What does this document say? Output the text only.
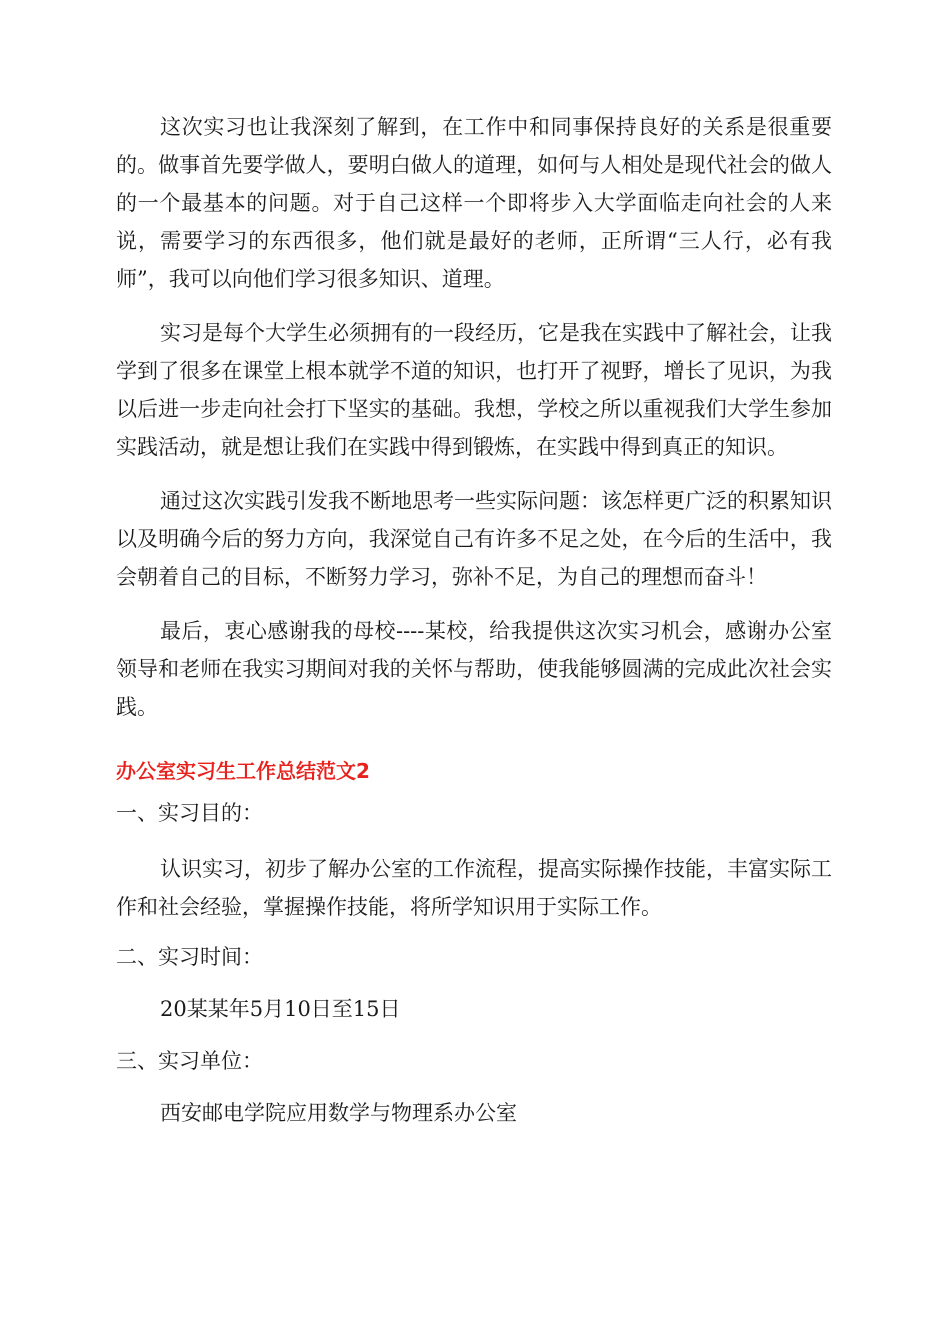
这次实习也让我深刻了解到，在工作中和同事保持良好的关系是很重要的。做事首先要学做人，要明白做人的道理，如何与人相处是现代社会的做人的一个最基本的问题。对于自己这样一个即将步入大学面临走向社会的人来说，需要学习的东西很多，他们就是最好的老师，正所谓“三人行，必有我师”，我可以向他们学习很多知识、道理。

实习是每个大学生必须拥有的一段经历，它是我在实践中了解社会，让我学到了很多在课堂上根本就学不道的知识，也打开了视野，增长了见识，为我以后进一步走向社会打下坚实的基础。我想，学校之所以重视我们大学生参加实践活动，就是想让我们在实践中得到锻炼，在实践中得到真正的知识。

通过这次实践引发我不断地思考一些实际问题：该怎样更广泛的积累知识以及明确今后的努力方向，我深觉自己有许多不足之处，在今后的生活中，我会朝着自己的目标，不断努力学习，弥补不足，为自己的理想而奋斗！

最后，衷心感谢我的母校----某校，给我提供这次实习机会，感谢办公室领导和老师在我实习期间对我的关怀与帮助，使我能够圆满的完成此次社会实践。

办公室实习生工作总结范文2
一、实习目的：

认识实习，初步了解办公室的工作流程，提高实际操作技能，丰富实际工作和社会经验，掌握操作技能，将所学知识用于实际工作。

二、实习时间：
20某某年5月10日至15日
三、实习单位：
西安邮电学院应用数学与物理系办公室
